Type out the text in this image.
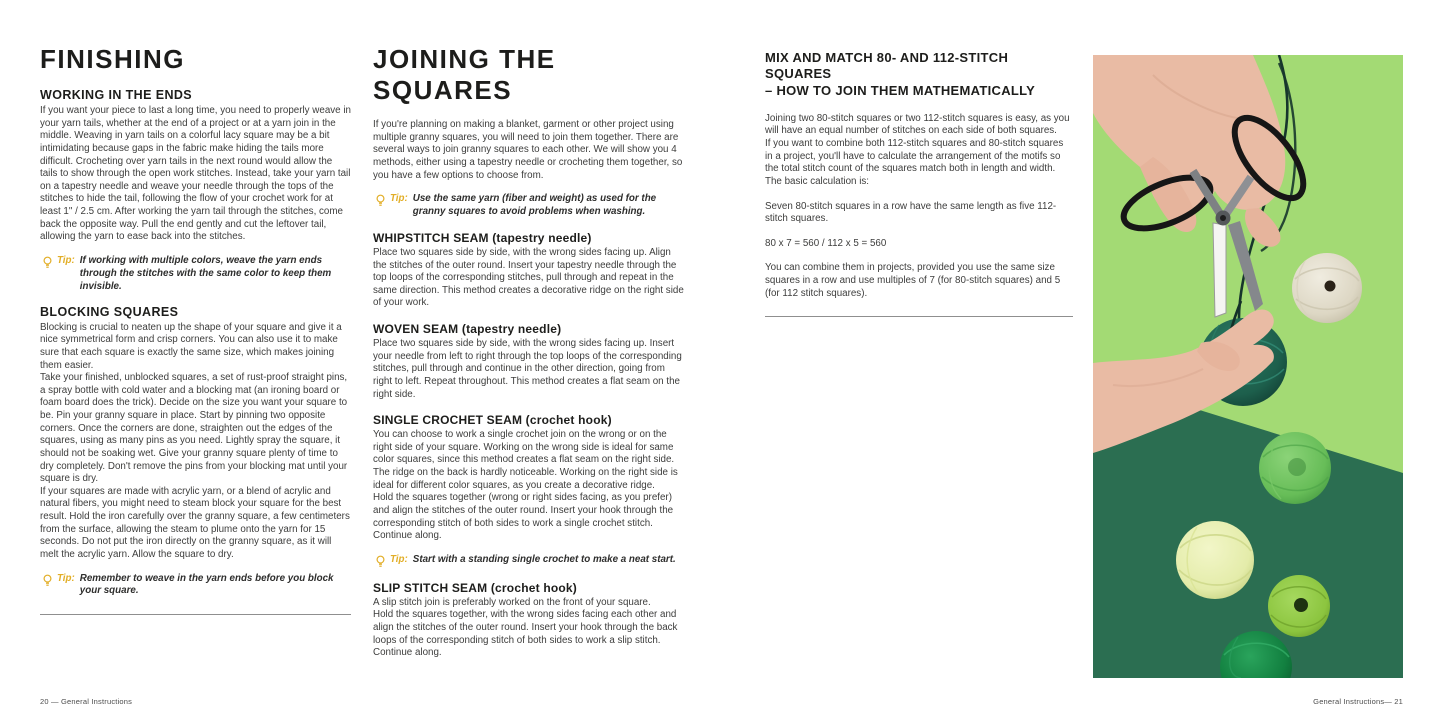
FINISHING
WORKING IN THE ENDS

If you want your piece to last a long time, you need to properly weave in your yarn tails, whether at the end of a project or at a yarn join in the middle. Weaving in yarn tails on a colorful lacy square may be a bit intimidating because gaps in the fabric make hiding the tails more difficult. Crocheting over yarn tails in the next round would allow the tails to show through the open work stitches. Instead, take your yarn tail on a tapestry needle and weave your needle through the tops of the stitches to hide the tail, following the flow of your crochet work for at least 1" / 2.5 cm. After working the yarn tail through the stitches, come back the opposite way. Pull the end gently and cut the leftover tail, allowing the yarn to ease back into the stitches.

Tip: If working with multiple colors, weave the yarn ends through the stitches with the same color to keep them invisible.
BLOCKING SQUARES

Blocking is crucial to neaten up the shape of your square and give it a nice symmetrical form and crisp corners. You can also use it to make sure that each square is exactly the same size, which makes joining them easier.

Take your finished, unblocked squares, a set of rust-proof straight pins, a spray bottle with cold water and a blocking mat (an ironing board or foam board does the trick). Decide on the size you want your square to be. Pin your granny square in place. Start by pinning two opposite corners. Once the corners are done, straighten out the edges of the squares, using as many pins as you need. Lightly spray the square, it should not be soaking wet. Give your granny square plenty of time to dry completely. Don't remove the pins from your blocking mat until your square is dry.

If your squares are made with acrylic yarn, or a blend of acrylic and natural fibers, you might need to steam block your square for the best result. Hold the iron carefully over the granny square, a few centimeters from the surface, allowing the steam to plume onto the yarn for 15 seconds. Do not put the iron directly on the granny square, as it will melt the acrylic yarn. Allow the square to dry.

Tip: Remember to weave in the yarn ends before you block your square.
JOINING THE SQUARES

If you're planning on making a blanket, garment or other project using multiple granny squares, you will need to join them together. There are several ways to join granny squares to each other. We will show you 4 methods, either using a tapestry needle or crocheting them together, so you have a few options to choose from.

Tip: Use the same yarn (fiber and weight) as used for the granny squares to avoid problems when washing.
WHIPSTITCH SEAM (tapestry needle)

Place two squares side by side, with the wrong sides facing up. Align the stitches of the outer round. Insert your tapestry needle through the top loops of the corresponding stitches, pull through and repeat in the same direction. This method creates a decorative ridge on the right side of your work.

WOVEN SEAM (tapestry needle)

Place two squares side by side, with the wrong sides facing up. Insert your needle from left to right through the top loops of the corresponding stitches, pull through and continue in the other direction, going from right to left. Repeat throughout. This method creates a flat seam on the right side.

SINGLE CROCHET SEAM (crochet hook)

You can choose to work a single crochet join on the wrong or on the right side of your square. Working on the wrong side is ideal for same color squares, since this method creates a flat seam on the right side. The ridge on the back is hardly noticeable. Working on the right side is ideal for different color squares, as you create a decorative ridge.

Hold the squares together (wrong or right sides facing, as you prefer) and align the stitches of the outer round. Insert your hook through the corresponding stitch of both sides to work a single crochet stitch. Continue along.

Tip: Start with a standing single crochet to make a neat start.
SLIP STITCH SEAM (crochet hook)

A slip stitch join is preferably worked on the front of your square.

Hold the squares together, with the wrong sides facing each other and align the stitches of the outer round. Insert your hook through the back loops of the corresponding stitch of both sides to work a slip stitch. Continue along.

MIX AND MATCH 80- AND 112-STITCH SQUARES
– HOW TO JOIN THEM MATHEMATICALLY

Joining two 80-stitch squares or two 112-stitch squares is easy, as you will have an equal number of stitches on each side of both squares.

If you want to combine both 112-stitch squares and 80-stitch squares in a project, you'll have to calculate the arrangement of the motifs so the total stitch count of the squares match both in length and width. The basic calculation is:

Seven 80-stitch squares in a row have the same length as five 112-stitch squares.

80 x 7 = 560 / 112 x 5 = 560

You can combine them in projects, provided you use the same size squares in a row and use multiples of 7 (for 80-stitch squares) and 5 (for 112 stitch squares).

20 — General Instructions	General Instructions— 21
